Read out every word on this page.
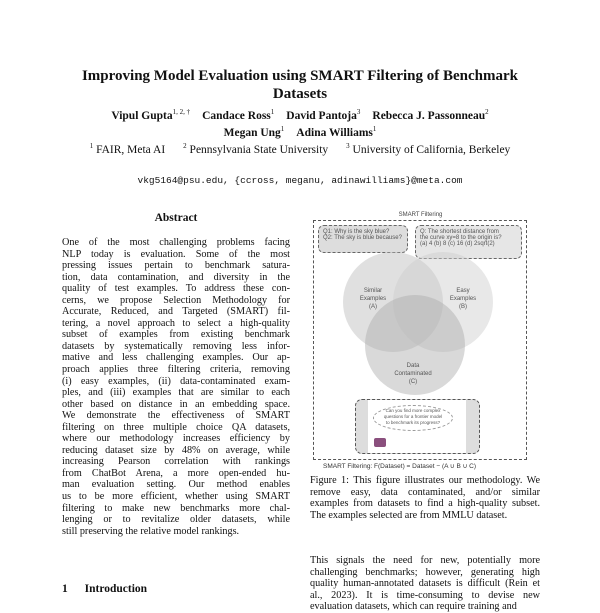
Improving Model Evaluation using SMART Filtering of Benchmark Datasets
Vipul Gupta$^{1, 2, \dagger}$ Candace Ross$^1$ David Pantoja$^3$ Rebecca J. Passonneau$^2$
Megan Ung$^1$ Adina Williams$^1$
$^1$ FAIR, Meta AI	$^2$ Pennsylvania State University	$^3$ University of California, Berkeley
vkg5164@psu.edu, {ccross, meganu, adinawilliams}@meta.com
Abstract
One of the most challenging problems facing
NLP today is evaluation. Some of the most
pressing issues pertain to benchmark satura-
tion, data contamination, and diversity in the
quality of test examples. To address these con-
cerns, we propose Selection Methodology for
Accurate, Reduced, and Targeted (SMART) fil-
tering, a novel approach to select a high-quality
subset of examples from existing benchmark
datasets by systematically removing less infor-
mative and less challenging examples. Our ap-
proach applies three filtering criteria, removing
(i) easy examples, (ii) data-contaminated exam-
ples, and (iii) examples that are similar to each
other based on distance in an embedding space.
We demonstrate the effectiveness of SMART
filtering on three multiple choice QA datasets,
where our methodology increases efficiency by
reducing dataset size by 48% on average, while
increasing Pearson correlation with rankings
from ChatBot Arena, a more open-ended hu-
man evaluation setting. Our method enables
us to be more efficient, whether using SMART
filtering to make new benchmarks more chal-
lenging or to revitalize older datasets, while
still preserving the relative model rankings.
1 Introduction
SMART Filtering
Q1: Why is the sky blue?
Q2: The sky is blue because?
Q: The shortest distance from
the curve xy=8 to the origin is?
(a) 4 (b) 8 (c) 16 (d) 2sqrt(2)
Similar
Examples
(A)
Easy
Examples
(B)
Data
Contaminated
(C)
Can you find more complex
questions for a frontier model
to benchmark its progress?
SMART Filtering: F(Dataset) = Dataset − (A ∪ B ∪ C)
Figure 1: This figure illustrates our methodology. We remove easy, data contaminated, and/or similar examples from datasets to find a high-quality subset. The examples selected are from MMLU dataset.
This signals the need for new, potentially more challenging benchmarks; however, generating high quality human-annotated datasets is difficult (Rein et al., 2023). It is time-consuming to devise new evaluation datasets, which can require training and
